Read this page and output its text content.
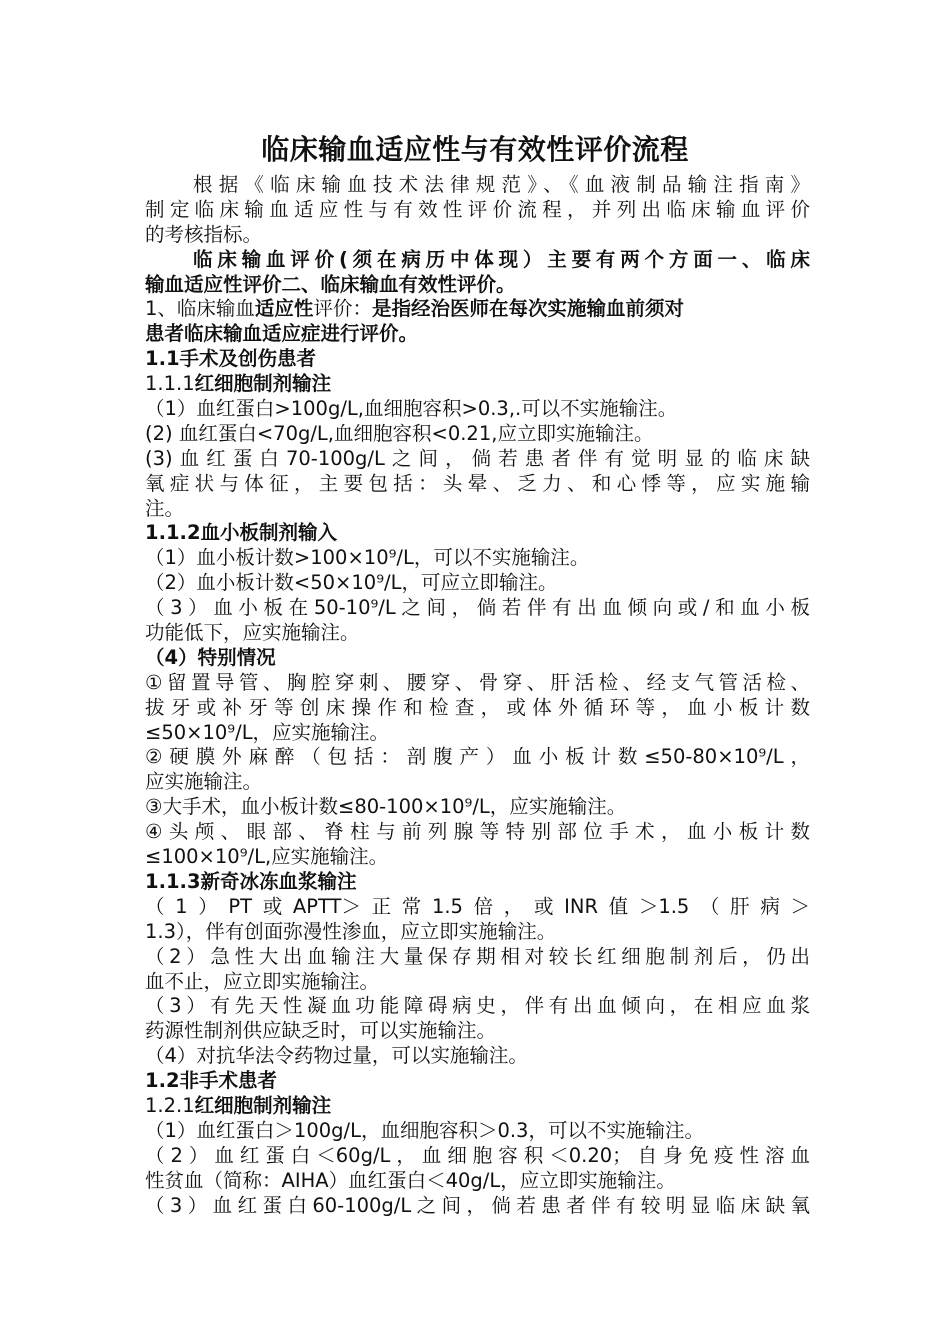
临床输血适应性与有效性评价流程
根据《临床输血技术法律规范》、《血液制品输注指南》
制定临床输血适应性与有效性评价流程，并列出临床输血评价
的考核指标。
临床输血评价(须在病历中体现）主要有两个方面一、临床
输血适应性评价二、临床输血有效性评价。
1、临床输血适应性评价：是指经治医师在每次实施输血前须对
患者临床输血适应症进行评价。
1.1手术及创伤患者
1.1.1红细胞制剂输注
（1）血红蛋白>100g/L,血细胞容积>0.3,.可以不实施输注。
(2) 血红蛋白<70g/L,血细胞容积<0.21,应立即实施输注。
(3)血红蛋白70-100g/L之间，倘若患者伴有觉明显的临床缺
氧症状与体征，主要包括：头晕、乏力、和心悸等，应实施输
注。
1.1.2血小板制剂输入
（1）血小板计数>100×10⁹/L，可以不实施输注。
（2）血小板计数<50×10⁹/L，可应立即输注。
（3）血小板在50-10⁹/L之间，倘若伴有出血倾向或/和血小板
功能低下，应实施输注。
（4）特别情况
①留置导管、胸腔穿刺、腰穿、骨穿、肝活检、经支气管活检、
拔牙或补牙等创床操作和检查，或体外循环等，血小板计数
≤50×10⁹/L，应实施输注。
②硬膜外麻醉（包括：剖腹产）血小板计数≤50-80×10⁹/L，
应实施输注。
③大手术，血小板计数≤80-100×10⁹/L，应实施输注。
④头颅、眼部、脊柱与前列腺等特别部位手术，血小板计数
≤100×10⁹/L,应实施输注。
1.1.3新奇冰冻血浆输注
（1）PT或APTT＞正常1.5倍，或INR值＞1.5（肝病＞
1.3），伴有创面弥漫性渗血，应立即实施输注。
（2）急性大出血输注大量保存期相对较长红细胞制剂后，仍出
血不止，应立即实施输注。
（3）有先天性凝血功能障碍病史，伴有出血倾向，在相应血浆
药源性制剂供应缺乏时，可以实施输注。
（4）对抗华法令药物过量，可以实施输注。
1.2非手术患者
1.2.1红细胞制剂输注
（1）血红蛋白＞100g/L，血细胞容积＞0.3，可以不实施输注。
（2）血红蛋白＜60g/L，血细胞容积＜0.20；自身免疫性溶血
性贫血（简称：AIHA）血红蛋白＜40g/L，应立即实施输注。
（3）血红蛋白60-100g/L之间，倘若患者伴有较明显临床缺氧
